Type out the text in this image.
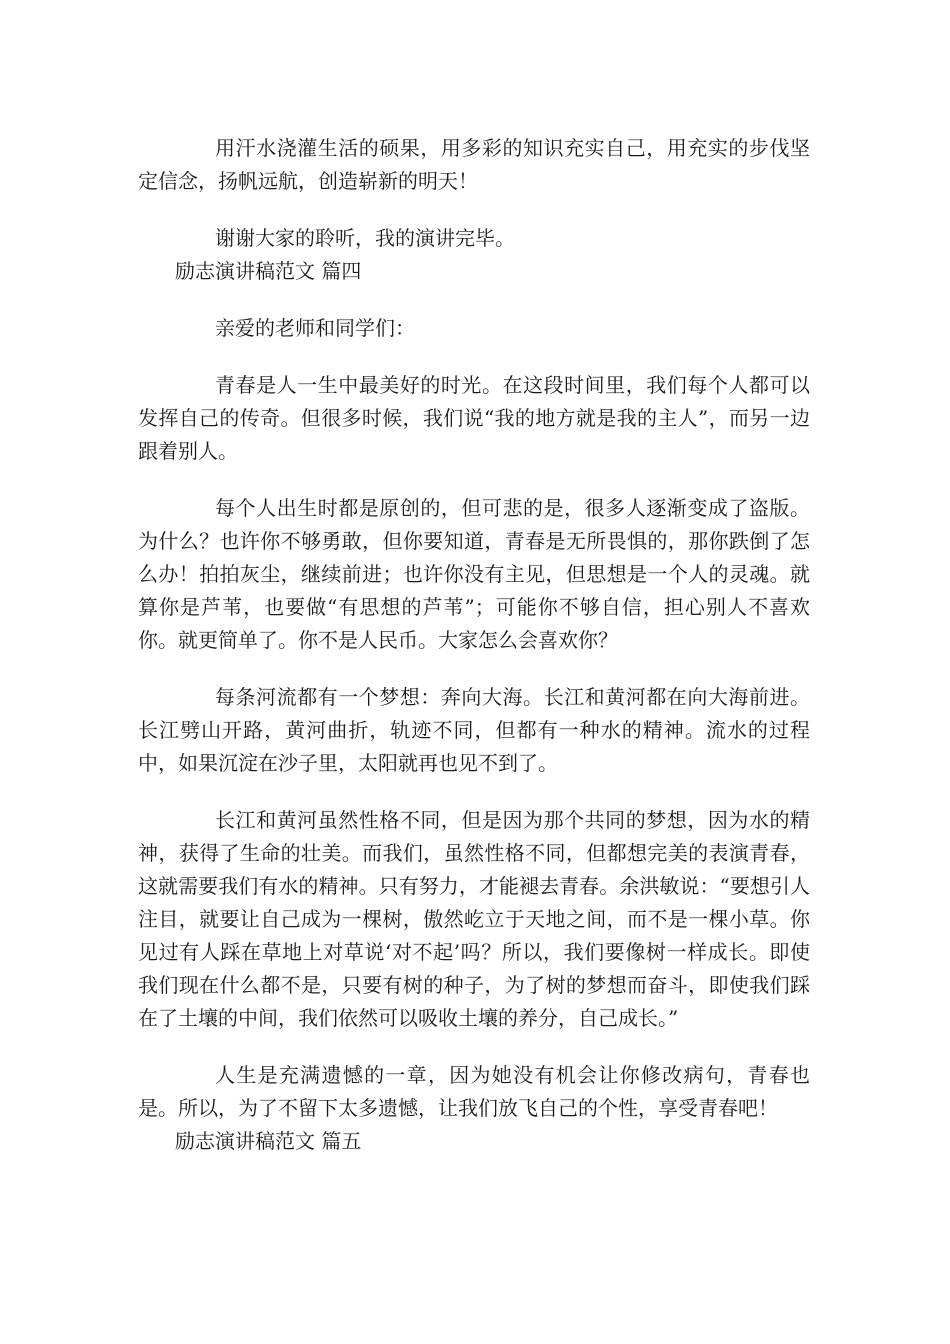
用汗水浇灌生活的硕果，用多彩的知识充实自己，用充实的步伐坚定信念，扬帆远航，创造崭新的明天！

谢谢大家的聆听，我的演讲完毕。

励志演讲稿范文 篇四

亲爱的老师和同学们：

青春是人一生中最美好的时光。在这段时间里，我们每个人都可以发挥自己的传奇。但很多时候，我们说“我的地方就是我的主人”，而另一边跟着别人。

每个人出生时都是原创的，但可悲的是，很多人逐渐变成了盗版。为什么？也许你不够勇敢，但你要知道，青春是无所畏惧的，那你跌倒了怎么办！拍拍灰尘，继续前进；也许你没有主见，但思想是一个人的灵魂。就算你是芦苇，也要做“有思想的芦苇”；可能你不够自信，担心别人不喜欢你。就更简单了。你不是人民币。大家怎么会喜欢你？

每条河流都有一个梦想：奔向大海。长江和黄河都在向大海前进。长江劈山开路，黄河曲折，轨迹不同，但都有一种水的精神。流水的过程中，如果沉淀在沙子里，太阳就再也见不到了。

长江和黄河虽然性格不同，但是因为那个共同的梦想，因为水的精神，获得了生命的壮美。而我们，虽然性格不同，但都想完美的表演青春，这就需要我们有水的精神。只有努力，才能褪去青春。余洪敏说：“要想引人注目，就要让自己成为一棵树，傲然屹立于天地之间，而不是一棵小草。你见过有人踩在草地上对草说‘对不起’吗？所以，我们要像树一样成长。即使我们现在什么都不是，只要有树的种子，为了树的梦想而奋斗，即使我们踩在了土壤的中间，我们依然可以吸收土壤的养分，自己成长。”

人生是充满遗憾的一章，因为她没有机会让你修改病句，青春也是。所以，为了不留下太多遗憾，让我们放飞自己的个性，享受青春吧！

励志演讲稿范文 篇五
